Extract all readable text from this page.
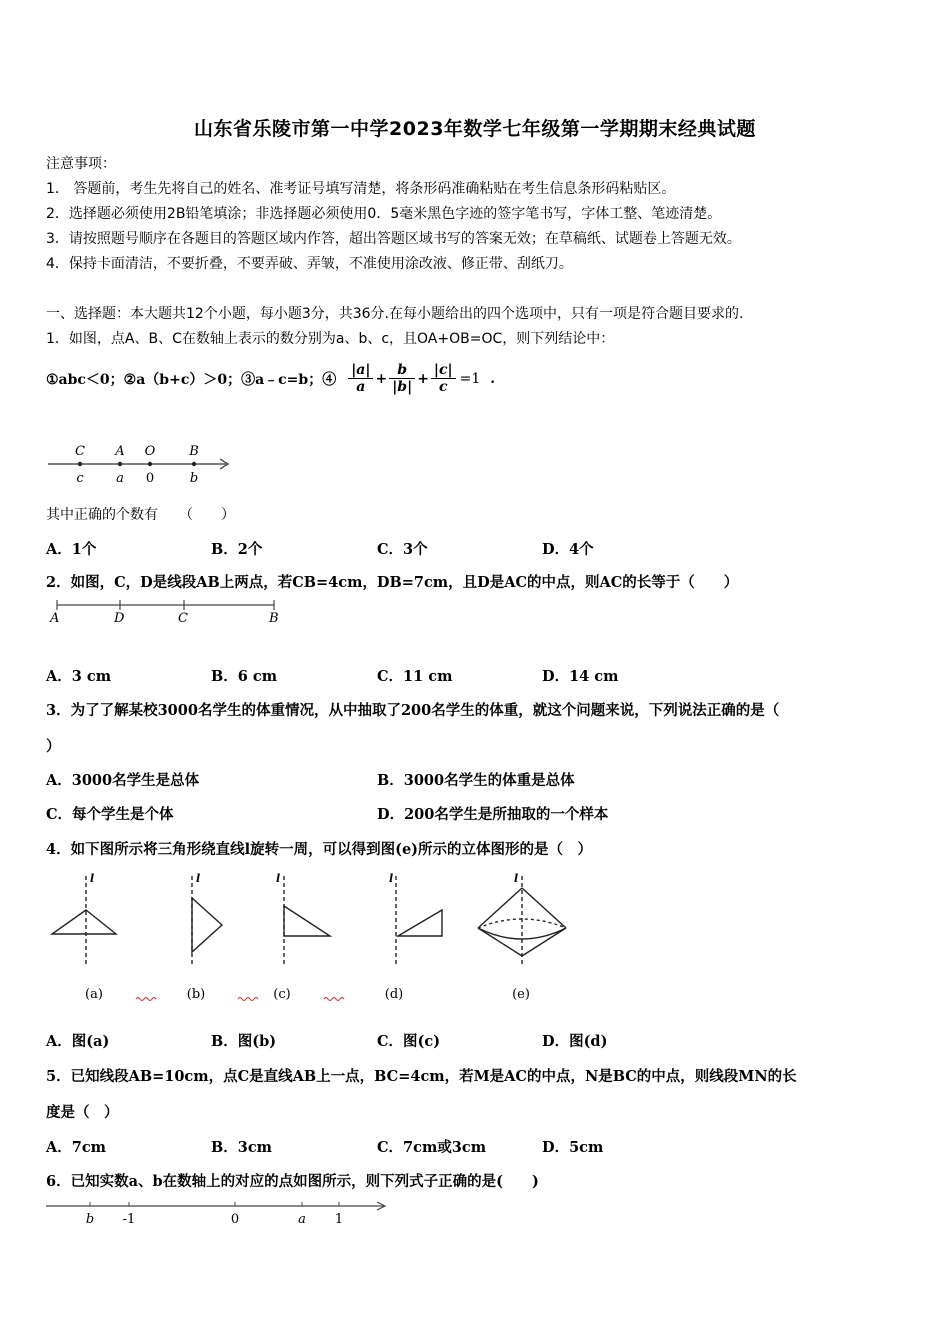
山东省乐陵市第一中学2023年数学七年级第一学期期末经典试题
注意事项：
1． 答题前，考生先将自己的姓名、准考证号填写清楚，将条形码准确粘贴在考生信息条形码粘贴区。
2．选择题必须使用2B铅笔填涂；非选择题必须使用0．5毫米黑色字迹的签字笔书写，字体工整、笔迹清楚。
3．请按照题号顺序在各题目的答题区域内作答，超出答题区域书写的答案无效；在草稿纸、试题卷上答题无效。
4．保持卡面清洁，不要折叠，不要弄破、弄皱，不准使用涂改液、修正带、刮纸刀。
一、选择题：本大题共12个小题，每小题3分，共36分.在每小题给出的四个选项中，只有一项是符合题目要求的.
1．如图，点A、B、C在数轴上表示的数分别为a、b、c，且OA+OB=OC，则下列结论中：
①abc＜0；②a（b+c）＞0；③a﹣c=b；④ $\frac{|a|}{a} + \frac{b}{|b|} + \frac{|c|}{c} =1$ .
C A O	B
c a 0	b
其中正确的个数有　　（　　）
A．1个	B．2个	C．3个	D．4个
2．如图，C，D是线段AB上两点，若CB=4cm，DB=7cm，且D是AC的中点，则AC的长等于（　　）
A	D	C	B
A．3 cm	B．6 cm	C．11 cm	D．14 cm
3．为了了解某校3000名学生的体重情况，从中抽取了200名学生的体重，就这个问题来说，下列说法正确的是（
）
A．3000名学生是总体	B．3000名学生的体重是总体
C．每个学生是个体	D．200名学生是所抽取的一个样本
4．如下图所示将三角形绕直线l旋转一周，可以得到图(e)所示的立体图形的是（　）
l	l	l	l	l
(a)	(b)	(c)	(d)	(e)
A．图(a)	B．图(b)	C．图(c)	D．图(d)
5．已知线段AB=10cm，点C是直线AB上一点，BC=4cm，若M是AC的中点，N是BC的中点，则线段MN的长
度是（　）
A．7cm	B．3cm	C．7cm或3cm	D．5cm
6．已知实数a、b在数轴上的对应的点如图所示，则下列式子正确的是(　　)
b -1	0	a 1
